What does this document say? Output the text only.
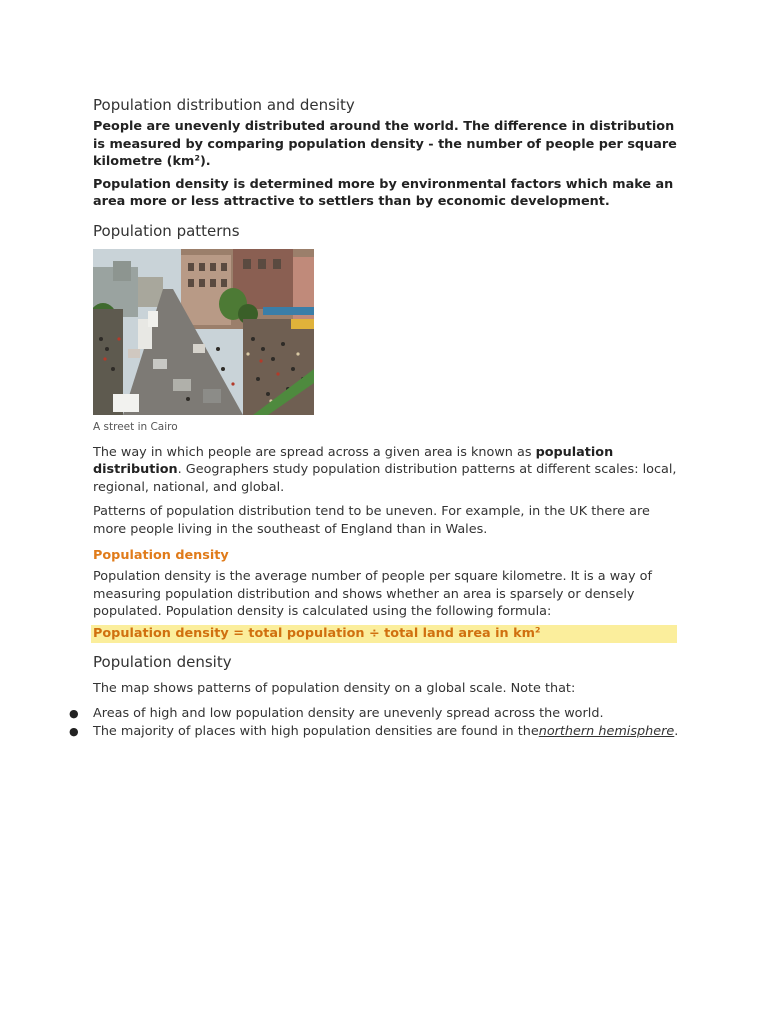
Population distribution and density

People are unevenly distributed around the world. The difference in distribution is measured by comparing population density - the number of people per square kilometre (km²).

Population density is determined more by environmental factors which make an area more or less attractive to settlers than by economic development.

Population patterns
A street in Cairo

The way in which people are spread across a given area is known as population distribution. Geographers study population distribution patterns at different scales: local, regional, national, and global.

Patterns of population distribution tend to be uneven. For example, in the UK there are more people living in the southeast of England than in Wales.

Population density

Population density is the average number of people per square kilometre. It is a way of measuring population distribution and shows whether an area is sparsely or densely populated. Population density is calculated using the following formula:

Population density = total population ÷ total land area in km²
Population density

The map shows patterns of population density on a global scale. Note that:

● Areas of high and low population density are unevenly spread across the world.
● The majority of places with high population densities are found in thenorthern hemisphere.
